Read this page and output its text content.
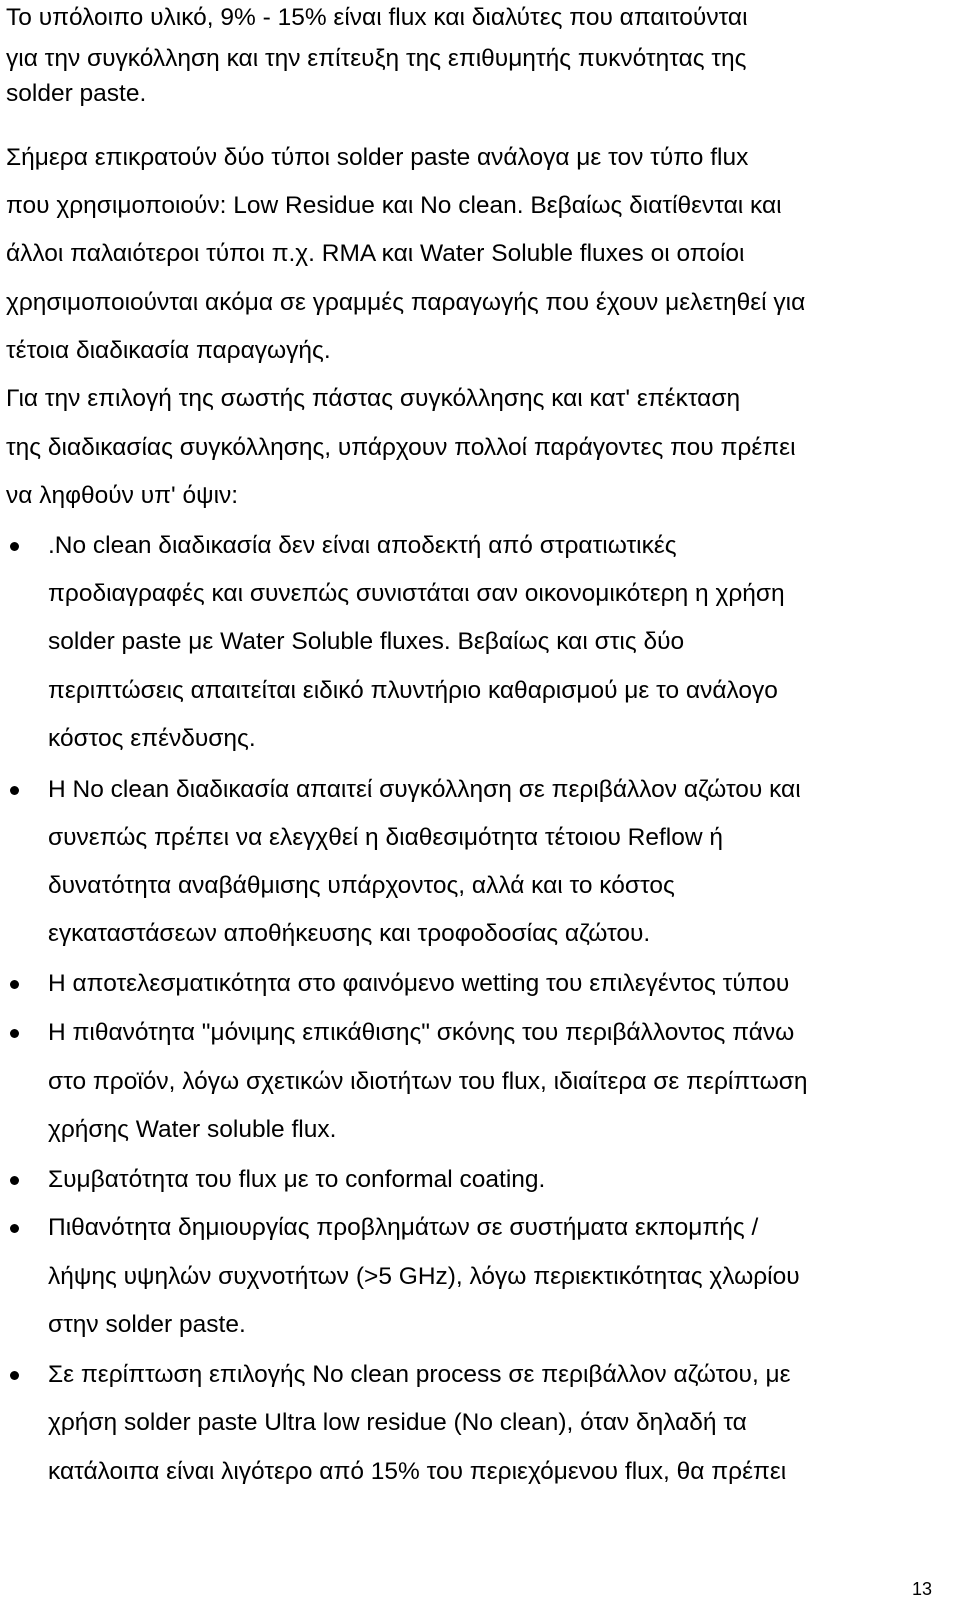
Το υπόλοιπο υλικό, 9% - 15% είναι flux και διαλύτες που απαιτούνται

για την συγκόλληση και την επίτευξη της επιθυμητής πυκνότητας της

solder paste.

Σήμερα επικρατούν δύο τύποι solder paste ανάλογα με τον τύπο flux

που χρησιμοποιούν: Low Residue και No clean. Βεβαίως διατίθενται και

άλλοι παλαιότεροι τύποι π.χ. RMA και Water Soluble fluxes οι οποίοι

χρησιμοποιούνται ακόμα σε γραμμές παραγωγής που έχουν μελετηθεί για

τέτοια διαδικασία παραγωγής.

Για την επιλογή της σωστής πάστας συγκόλλησης και κατ' επέκταση

της διαδικασίας συγκόλλησης, υπάρχουν πολλοί παράγοντες που πρέπει

να ληφθούν υπ' όψιν:

.No clean διαδικασία δεν είναι αποδεκτή από στρατιωτικές

προδιαγραφές και συνεπώς συνιστάται σαν οικονομικότερη η χρήση

solder paste με Water Soluble fluxes. Βεβαίως και στις δύο

περιπτώσεις απαιτείται ειδικό πλυντήριο καθαρισμού με το ανάλογο

κόστος επένδυσης.

Η No clean διαδικασία απαιτεί συγκόλληση σε περιβάλλον αζώτου και

συνεπώς πρέπει να ελεγχθεί η διαθεσιμότητα τέτοιου Reflow ή

δυνατότητα αναβάθμισης υπάρχοντος, αλλά και το κόστος

εγκαταστάσεων αποθήκευσης και τροφοδοσίας αζώτου.

Η αποτελεσματικότητα στο φαινόμενο wetting του επιλεγέντος τύπου

Η πιθανότητα "μόνιμης επικάθισης" σκόνης του περιβάλλοντος πάνω

στο προϊόν, λόγω σχετικών ιδιοτήτων του flux, ιδιαίτερα σε περίπτωση

χρήσης Water soluble flux.

Συμβατότητα του flux με το conformal coating.

Πιθανότητα δημιουργίας προβλημάτων σε συστήματα εκπομπής /

λήψης υψηλών συχνοτήτων (>5 GHz), λόγω περιεκτικότητας χλωρίου

στην solder paste.

Σε περίπτωση επιλογής No clean process σε περιβάλλον αζώτου, με

χρήση solder paste Ultra low residue (No clean), όταν δηλαδή τα

κατάλοιπα είναι λιγότερο από 15% του περιεχόμενου flux, θα πρέπει

13
